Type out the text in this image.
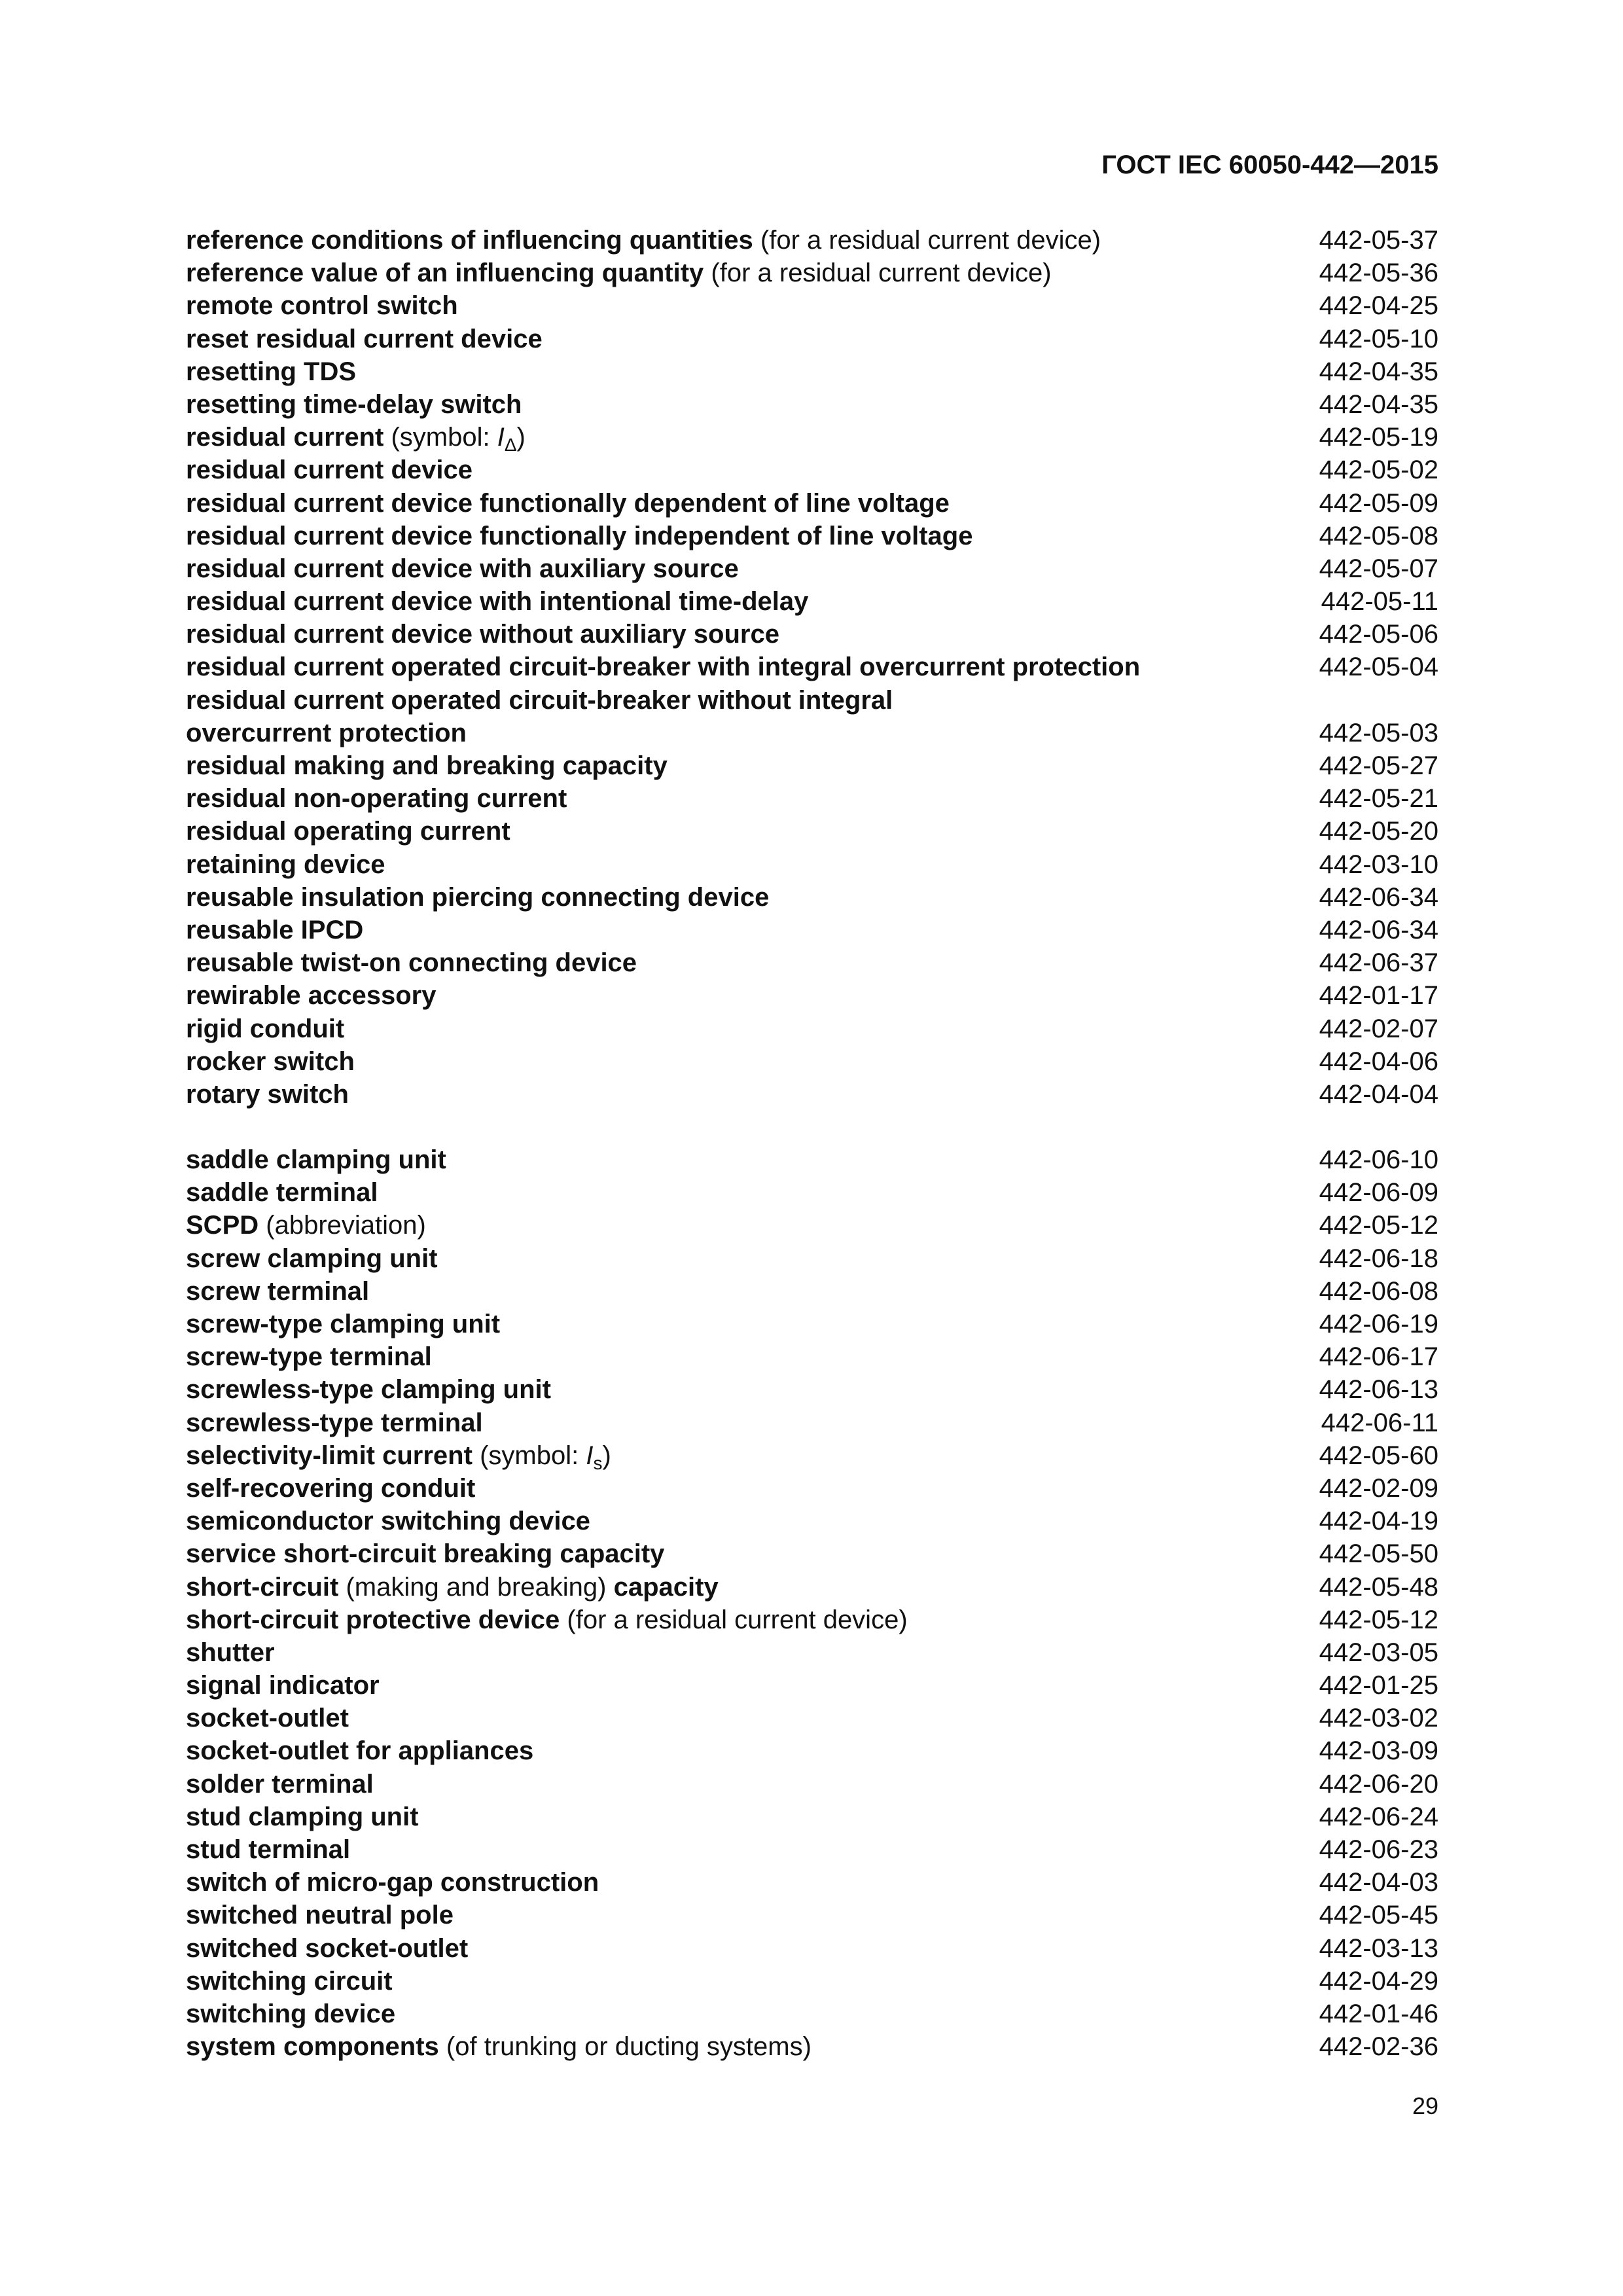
ГОСТ IEC 60050-442—2015
reference conditions of influencing quantities (for a residual current device)	442-05-37
reference value of an influencing quantity (for a residual current device)	442-05-36
remote control switch	442-04-25
reset residual current device	442-05-10
resetting TDS	442-04-35
resetting time-delay switch	442-04-35
residual current (symbol: $I_\Delta$)	442-05-19
residual current device	442-05-02
residual current device functionally dependent of line voltage	442-05-09
residual current device functionally independent of line voltage	442-05-08
residual current device with auxiliary source	442-05-07
residual current device with intentional time-delay	442-05-11
residual current device without auxiliary source	442-05-06
residual current operated circuit-breaker with integral overcurrent protection	442-05-04
residual current operated circuit-breaker without integral
overcurrent protection	442-05-03
residual making and breaking capacity	442-05-27
residual non-operating current	442-05-21
residual operating current	442-05-20
retaining device	442-03-10
reusable insulation piercing connecting device	442-06-34
reusable IPCD	442-06-34
reusable twist-on connecting device	442-06-37
rewirable accessory	442-01-17
rigid conduit	442-02-07
rocker switch	442-04-06
rotary switch	442-04-04
saddle clamping unit	442-06-10
saddle terminal	442-06-09
SCPD (abbreviation)	442-05-12
screw clamping unit	442-06-18
screw terminal	442-06-08
screw-type clamping unit	442-06-19
screw-type terminal	442-06-17
screwless-type clamping unit	442-06-13
screwless-type terminal	442-06-11
selectivity-limit current (symbol: $I_s$)	442-05-60
self-recovering conduit	442-02-09
semiconductor switching device	442-04-19
service short-circuit breaking capacity	442-05-50
short-circuit (making and breaking) capacity	442-05-48
short-circuit protective device (for a residual current device)	442-05-12
shutter	442-03-05
signal indicator	442-01-25
socket-outlet	442-03-02
socket-outlet for appliances	442-03-09
solder terminal	442-06-20
stud clamping unit	442-06-24
stud terminal	442-06-23
switch of micro-gap construction	442-04-03
switched neutral pole	442-05-45
switched socket-outlet	442-03-13
switching circuit	442-04-29
switching device	442-01-46
system components (of trunking or ducting systems)	442-02-36
29
